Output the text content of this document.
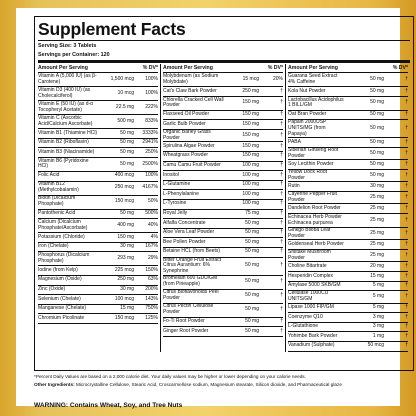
Supplement Facts
Serving Size: 3 Tablets
Servings per Container: 120
Amount Per Serving	% DV*
Vitamin A (5,000 IU) (as β-Carotene)	1,500 mcg	100%
Vitamin D3 (400 IU) (as Cholecalciferol)	10 mcg	100%
Vitamin E (50 IU) (as d-α Tocopheryl Acetate)	22.5 mg	222%
Vitamin C (Ascorbic Acid/Calcium Ascorbate)	500 mg	833%
Vitamin B1 (Thiamine HCl)	50 mg	3333%
Vitamin B2 (Riboflavin)	50 mg	2941%
Vitamin B3 (Niacinamide)	50 mg	250%
Vitamin B6 (Pyridoxine HCl)	50 mg	2500%
Folic Acid	400 mcg	100%
Vitamin B12 (Methylcobalamin)	250 mcg	4167%
Biotin (Dicalcium Phosphate)	150 mcg	50%
Pantothenic Acid	50 mg	500%
Calcium (Dicalcium Phosphate/Ascorbate)	400 mg	40%
Potassium (Chloride)	150 mg	4%
Iron (Chelate)	30 mg	167%
Phosphorus (Dicalcium Phosphate)	293 mg	29%
Iodine (from Kelp)	225 mcg	150%
Magnesium (Oxide)	250 mg	63%
Zinc (Oxide)	30 mg	200%
Selenium (Chelate)	100 mcg	143%
Manganese (Chelate)	15 mg	750%
Chromium Picolinate	150 mcg	125%
Amount Per Serving	% DV*
Molybdenum (as Sodium Molybdate)	15 mcg	20%
Cat's Claw Bark Powder	250 mg	†
Chlorella Cracked Cell Wall Powder	150 mg	†
Flaxseed Oil Powder	150 mg	†
Garlic Bulb Powder	150 mg	†
Organic Barley Grass Powder	150 mg	†
Spirulina Algae Powder	150 mg	†
Wheatgrass Powder	150 mg	†
Camu Camu Fruit Powder	100 mg	†
Inositol	100 mg	†
L-Glutamine	100 mg	†
L-Phenylalanine	100 mg	†
L-Tyrosine	100 mg	†
Royal Jelly	75 mg	†
Alfalfa Concentrate	50 mg	†
Aloe Vera Leaf Powder	50 mg	†
Bee Pollen Powder	50 mg	†
Betaine HCL (from Beets)	50 mg	†
Bitter Orange Fruit Extract Citrus Aurantium: 6% Synephrine
50 mg	†
Bromelain 600 GDU/GM (from Pineapple)	50 mg	†
Citrus Bioflavonoids Peel Powder	50 mg	†
Citrus Pectin Cellulose Powder	50 mg	†
Fo-Ti Root Powder	50 mg	†
Ginger Root Powder	50 mg	†
Amount Per Serving	% DV*
Guarana Seed Extract 4% Caffeine	50 mg	†
Kola Nut Powder	50 mg	†
Lactobacillus Acidophilus 1 BILL/GM	50 mg	†
Oat Bran Powder	50 mg	†
Papain 2000USP UNITS/MG (from Papaya)
50 mg	†
PABA	50 mg	†
Siberian Ginseng Root Powder	50 mg	†
Soy Lecithin Powder	50 mg	†
Yellow Dock Root Powder	50 mg	†
Rutin	30 mg	†
Cayenne Pepper Fruit Powder	25 mg	†
Dandelion Root Powder	25 mg	†
Echinacea Herb Powder Echinacea purpurea	25 mg	†
Ginkgo Biloba Leaf Powder	25 mg	†
Goldenseal Herb Powder	25 mg	†
Shiitake Mushroom Powder	25 mg	†
Choline Bitartrate	20 mg	†
Hesperidin Complex	15 mg	†
Amylase 5000 SKB/GM	5 mg	†
Cellulase 1000CU UNITS/GM	5 mg	†
Lipase 1000 FIP/GM	5 mg	†
Coenzyme Q10	3 mg	†
L-Glutathione	3 mg	†
Yohimbe Bark Powder	1 mg	†
Vanadium (Sulphate)	50 mcg	†
*Percent Daily Values are based on a 2,000 calorie diet. Your daily values may be higher or lower depending on your calorie needs.
Other Ingredients: Microcrystalline Cellulose, Stearic Acid, Croscarmellose sodium, Magnesium stearate, Silicon dioxide, and Pharmaceutical glaze
WARNING: Contains Wheat, Soy, and Tree Nuts
